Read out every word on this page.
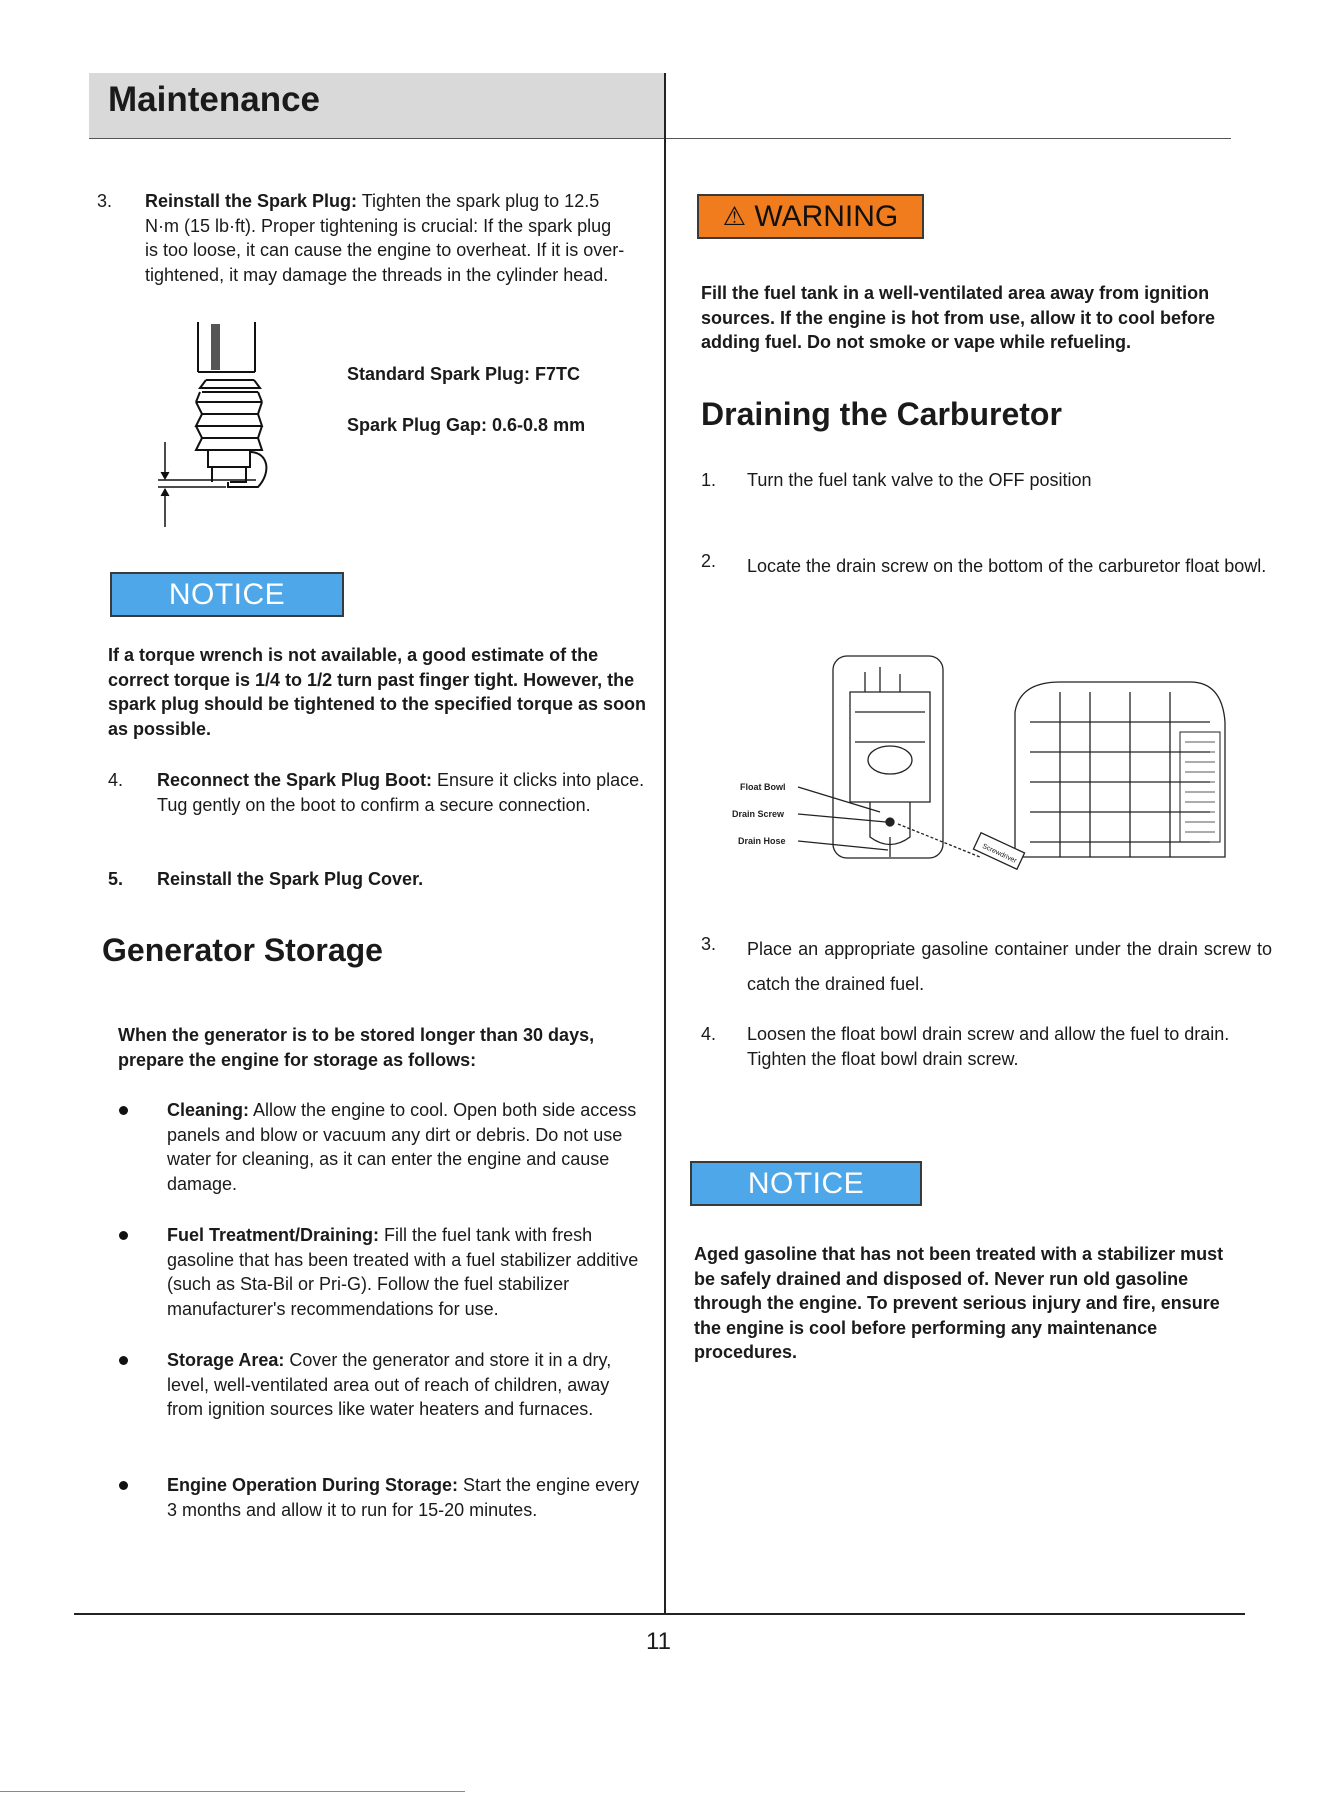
Maintenance
11
3. Reinstall the Spark Plug: Tighten the spark plug to 12.5 N·m (15 lb·ft). Proper tightening is crucial: If the spark plug is too loose, it can cause the engine to overheat. If it is over-tightened, it may damage the threads in the cylinder head.
Standard Spark Plug: F7TC
Spark Plug Gap: 0.6-0.8 mm
NOTICE
If a torque wrench is not available, a good estimate of the correct torque is 1/4 to 1/2 turn past finger tight. However, the spark plug should be tightened to the specified torque as soon as possible.
4. Reconnect the Spark Plug Boot: Ensure it clicks into place. Tug gently on the boot to confirm a secure connection.
5. Reinstall the Spark Plug Cover.
Generator Storage
When the generator is to be stored longer than 30 days, prepare the engine for storage as follows:
Cleaning: Allow the engine to cool. Open both side access panels and blow or vacuum any dirt or debris. Do not use water for cleaning, as it can enter the engine and cause damage.
Fuel Treatment/Draining: Fill the fuel tank with fresh gasoline that has been treated with a fuel stabilizer additive (such as Sta-Bil or Pri-G). Follow the fuel stabilizer manufacturer's recommendations for use.
Storage Area: Cover the generator and store it in a dry, level, well-ventilated area out of reach of children, away from ignition sources like water heaters and furnaces.
Engine Operation During Storage: Start the engine every 3 months and allow it to run for 15-20 minutes.
⚠ WARNING
Fill the fuel tank in a well-ventilated area away from ignition sources. If the engine is hot from use, allow it to cool before adding fuel. Do not smoke or vape while refueling.
Draining the Carburetor
1. Turn the fuel tank valve to the OFF position
2. Locate the drain screw on the bottom of the carburetor float bowl.
Float Bowl
Drain Screw
Drain Hose
Screwdriver
3. Place an appropriate gasoline container under the drain screw to catch the drained fuel.
4. Loosen the float bowl drain screw and allow the fuel to drain. Tighten the float bowl drain screw.
NOTICE
Aged gasoline that has not been treated with a stabilizer must be safely drained and disposed of. Never run old gasoline through the engine. To prevent serious injury and fire, ensure the engine is cool before performing any maintenance procedures.
